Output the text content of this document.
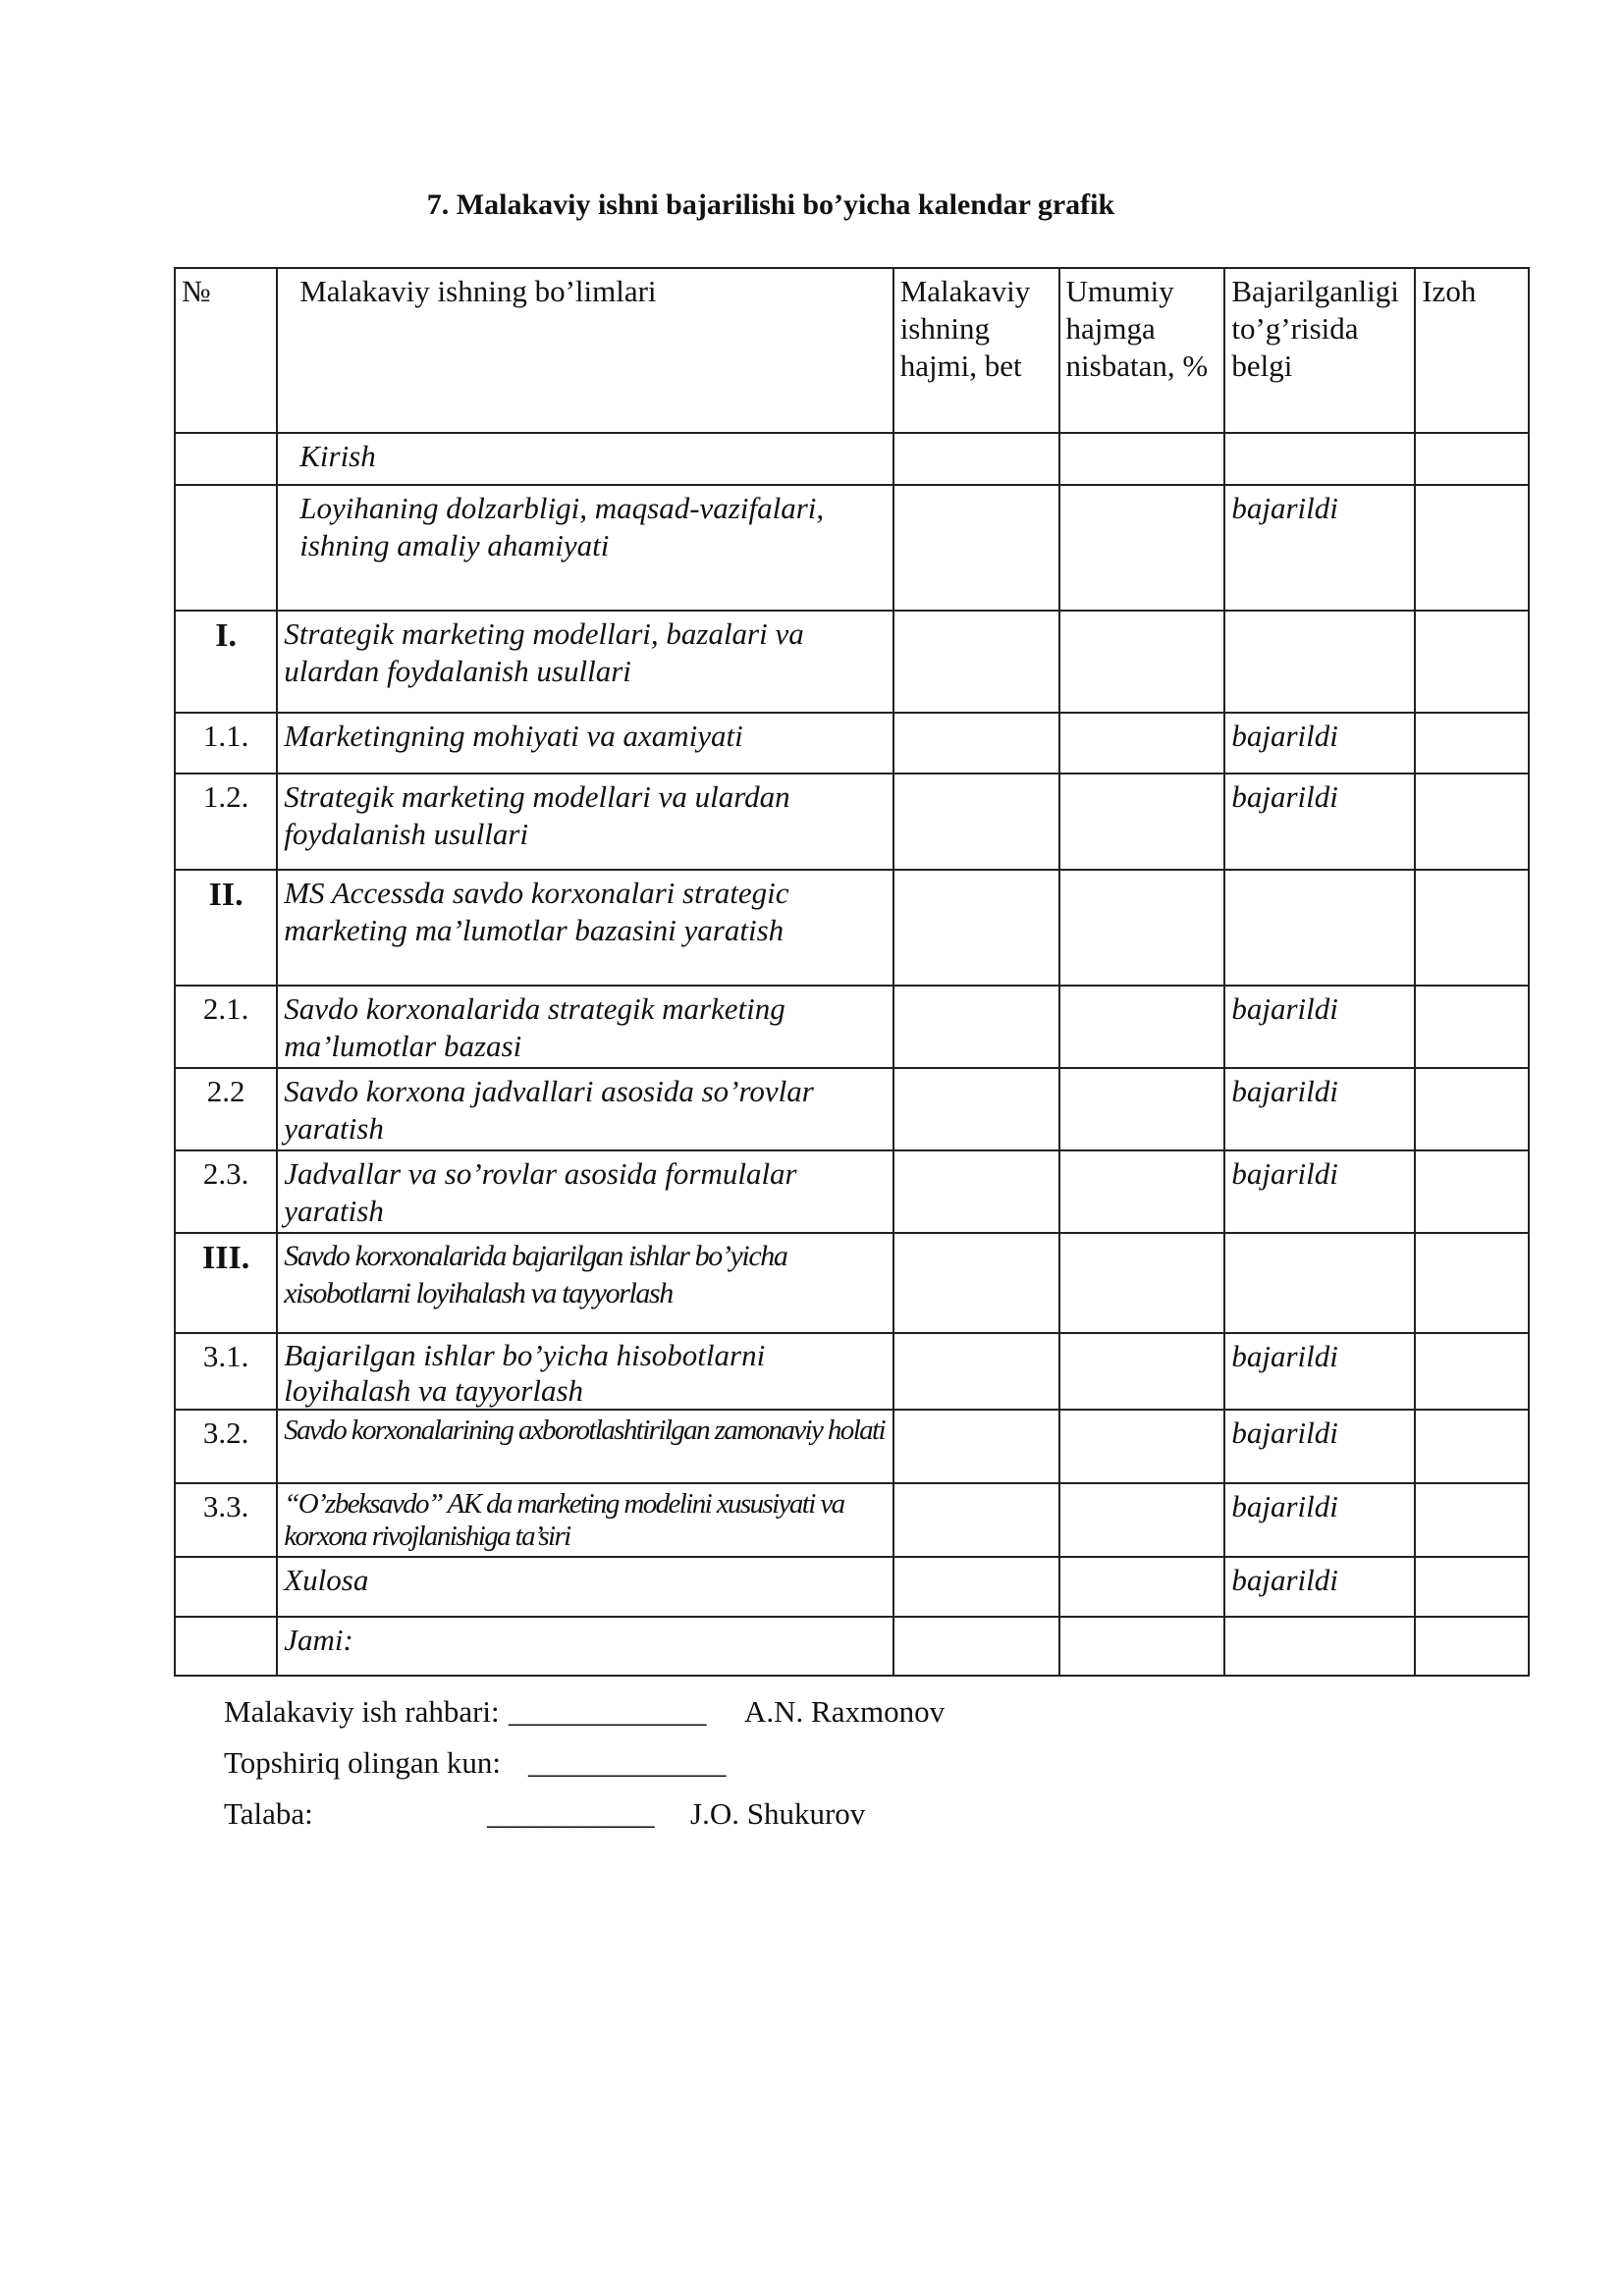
7. Malakaviy ishni bajarilishi bo’yicha kalendar grafik
№	Malakaviy ishning bo’limlari	Malakaviy ishning hajmi, bet	Umumiy hajmga nisbatan, %	Bajarilganligi to’g’risida belgi	Izoh
	Kirish				
	Loyihaning dolzarbligi, maqsad-vazifalari, ishning amaliy ahamiyati			bajarildi	
I.	Strategik marketing modellari, bazalari va ulardan foydalanish usullari				
1.1.	Marketingning mohiyati va axamiyati			bajarildi	
1.2.	Strategik marketing modellari va ulardan foydalanish usullari			bajarildi	
II.	MS Accessda savdo korxonalari strategic marketing ma’lumotlar bazasini yaratish				
2.1.	Savdo korxonalarida strategik marketing ma’lumotlar bazasi			bajarildi	
2.2	Savdo korxona jadvallari asosida so’rovlar yaratish			bajarildi	
2.3.	Jadvallar va so’rovlar asosida formulalar yaratish			bajarildi	
III.	Savdo korxonalarida bajarilgan ishlar bo’yicha xisobotlarni loyihalash va tayyorlash				
3.1.	Bajarilgan ishlar bo’yicha hisobotlarni loyihalash va tayyorlash			bajarildi	
3.2.	Savdo korxonalarining axborotlashtirilgan zamonaviy holati			bajarildi	
3.3.	“O’zbeksavdo” AK da marketing modelini xususiyati va korxona rivojlanishiga ta’siri			bajarildi	
	Xulosa			bajarildi	
	Jami:				
Malakaviy ish rahbari: _____________ A.N. Raxmonov
Topshiriq olingan kun: _____________
Talaba:	___________ J.O. Shukurov
